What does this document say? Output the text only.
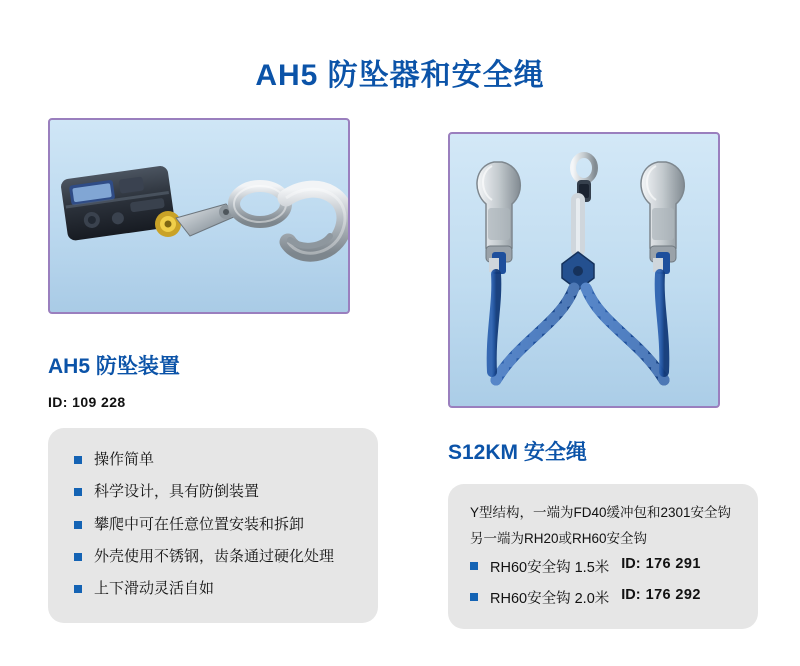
AH5 防坠器和安全绳
AH5 防坠装置
ID: 109 228
操作简单
科学设计，具有防倒装置
攀爬中可在任意位置安装和拆卸
外壳使用不锈钢，齿条通过硬化处理
上下滑动灵活自如
S12KM 安全绳
Y型结构，一端为FD40缓冲包和2301安全钩
另一端为RH20或RH60安全钩
RH60安全钩 1.5米 ID: 176 291
RH60安全钩 2.0米 ID: 176 292
